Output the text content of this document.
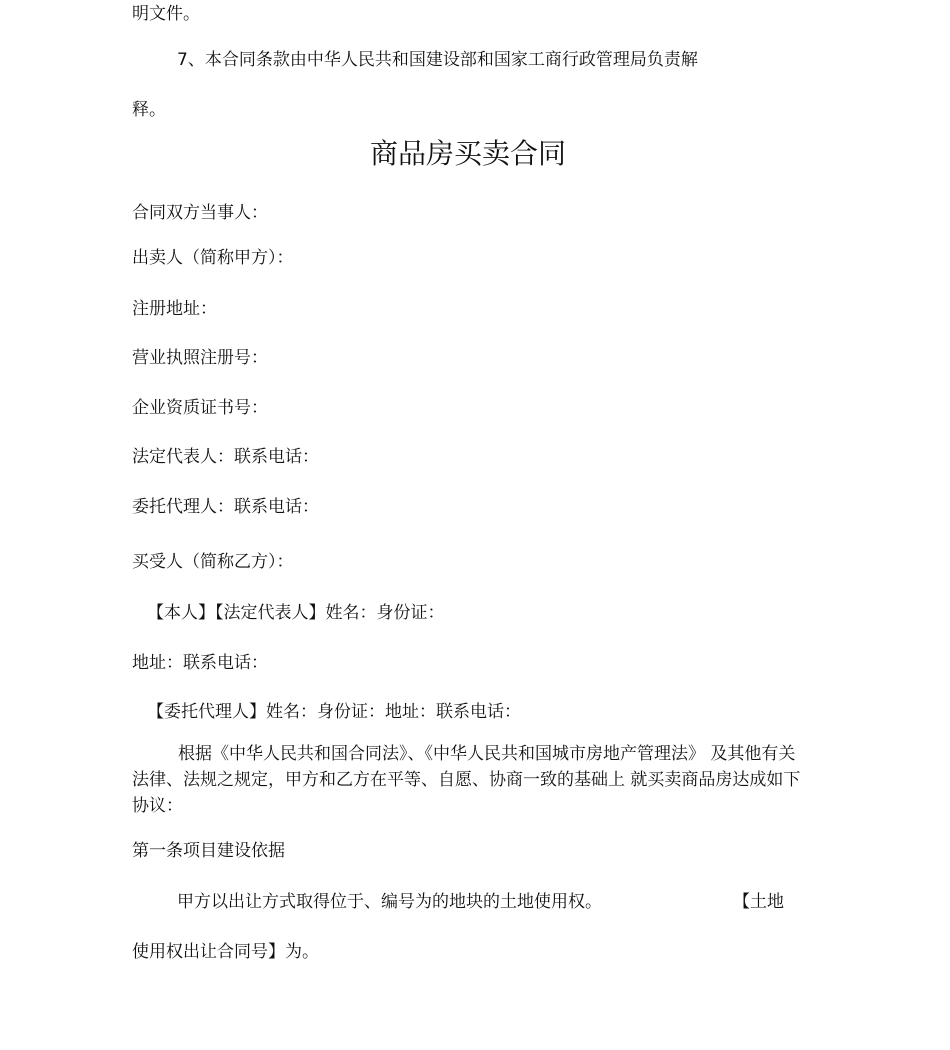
明文件。
7、本合同条款由中华人民共和国建设部和国家工商行政管理局负责解
释。
商品房买卖合同
合同双方当事人：
出卖人（简称甲方）：
注册地址：
营业执照注册号：
企业资质证书号：
法定代表人：联系电话：
委托代理人：联系电话：
买受人（简称乙方）：
【本人】【法定代表人】姓名：身份证：
地址：联系电话：
【委托代理人】姓名：身份证：地址：联系电话：
根据《中华人民共和国合同法》、《中华人民共和国城市房地产管理法》 及其他有关法律、法规之规定，甲方和乙方在平等、自愿、协商一致的基础上 就买卖商品房达成如下协议：
第一条项目建设依据
甲方以出让方式取得位于、编号为的地块的土地使用权。	【土地
使用权出让合同号】为。
